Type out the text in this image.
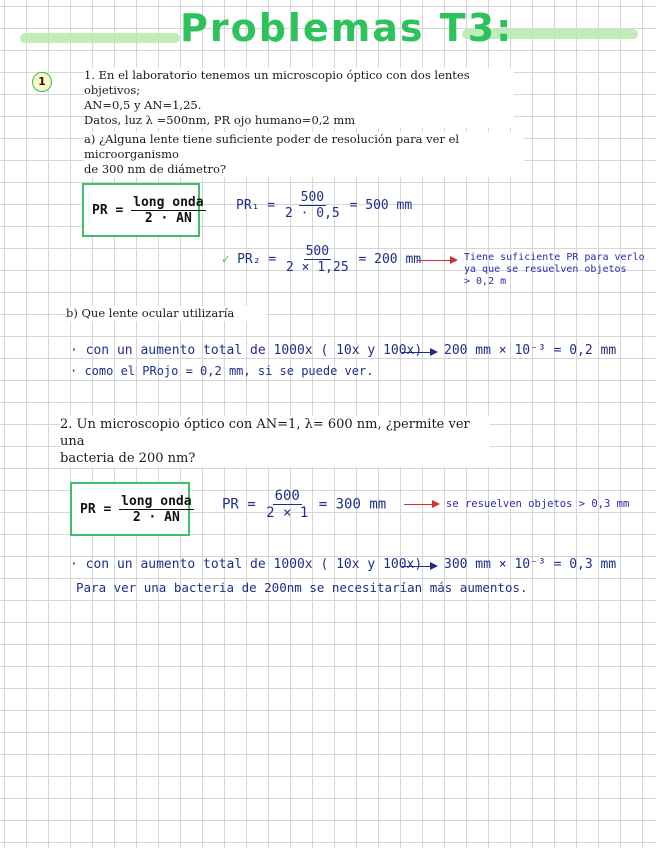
Problemas T3:
1	1. En el laboratorio tenemos un microscopio óptico con dos lentes objetivos;
AN=0,5 y AN=1,25.
Datos, luz λ =500nm, PR ojo humano=0,2 mm
a) ¿Alguna lente tiene suficiente poder de resolución para ver el microorganismo
de 300 nm de diámetro?
PR = $\frac{\text{long onda}}{2 \cdot AN} PR_1 = \frac{500}{2 \cdot 0,5} = 500$ mm
✓ $PR_2 = \frac{500}{2 \times 1,25} = 200$ mm	Tiene suficiente PR para verlo
ya que se resuelven objetos
> 0,2 m
b) Que lente ocular utilizaría
· con un aumento total de 1000x ( 10x y 100x) 200 mm × 10⁻³ = 0,2 mm
· como el PRojo = 0,2 mm, si se puede ver.
2. Un microscopio óptico con AN=1, λ= 600 nm, ¿permite ver una
bacteria de 200 nm?
PR = $\frac{\text{long onda}}{2 \cdot AN}$ PR = $\frac{600}{2 \times 1} = 300$ mm	se resuelven objetos > 0,3 mm
· con un aumento total de 1000x ( 10x y 100x) 300 mm × 10⁻³ = 0,3 mm
Para ver una bacteria de 200nm se necesitarían más aumentos.
